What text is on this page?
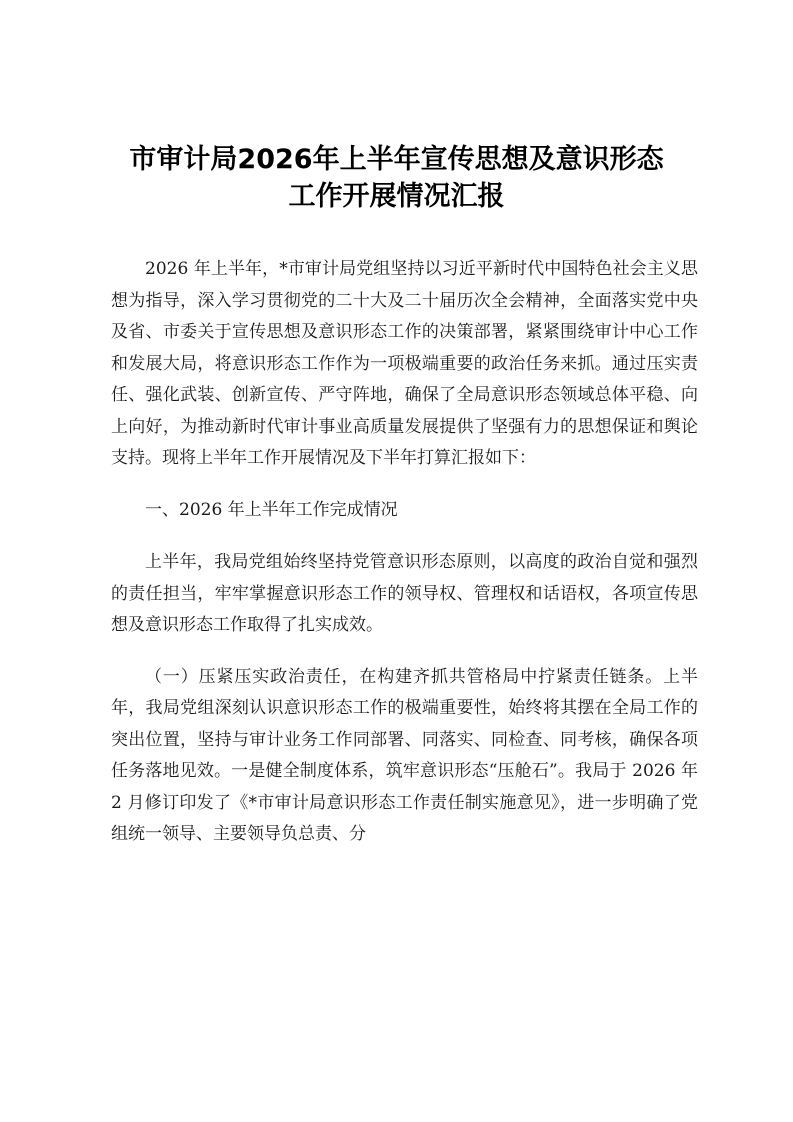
市审计局2026年上半年宣传思想及意识形态
工作开展情况汇报

2026 年上半年，*市审计局党组坚持以习近平新时代中国特色社会主义思想为指导，深入学习贯彻党的二十大及二十届历次全会精神，全面落实党中央及省、市委关于宣传思想及意识形态工作的决策部署，紧紧围绕审计中心工作和发展大局，将意识形态工作作为一项极端重要的政治任务来抓。通过压实责任、强化武装、创新宣传、严守阵地，确保了全局意识形态领域总体平稳、向上向好，为推动新时代审计事业高质量发展提供了坚强有力的思想保证和舆论支持。现将上半年工作开展情况及下半年打算汇报如下：

一、2026 年上半年工作完成情况

上半年，我局党组始终坚持党管意识形态原则，以高度的政治自觉和强烈的责任担当，牢牢掌握意识形态工作的领导权、管理权和话语权，各项宣传思想及意识形态工作取得了扎实成效。

（一）压紧压实政治责任，在构建齐抓共管格局中拧紧责任链条。上半年，我局党组深刻认识意识形态工作的极端重要性，始终将其摆在全局工作的突出位置，坚持与审计业务工作同部署、同落实、同检查、同考核，确保各项任务落地见效。一是健全制度体系，筑牢意识形态“压舱石”。我局于 2026 年 2 月修订印发了《*市审计局意识形态工作责任制实施意见》，进一步明确了党组统一领导、主要领导负总责、分
